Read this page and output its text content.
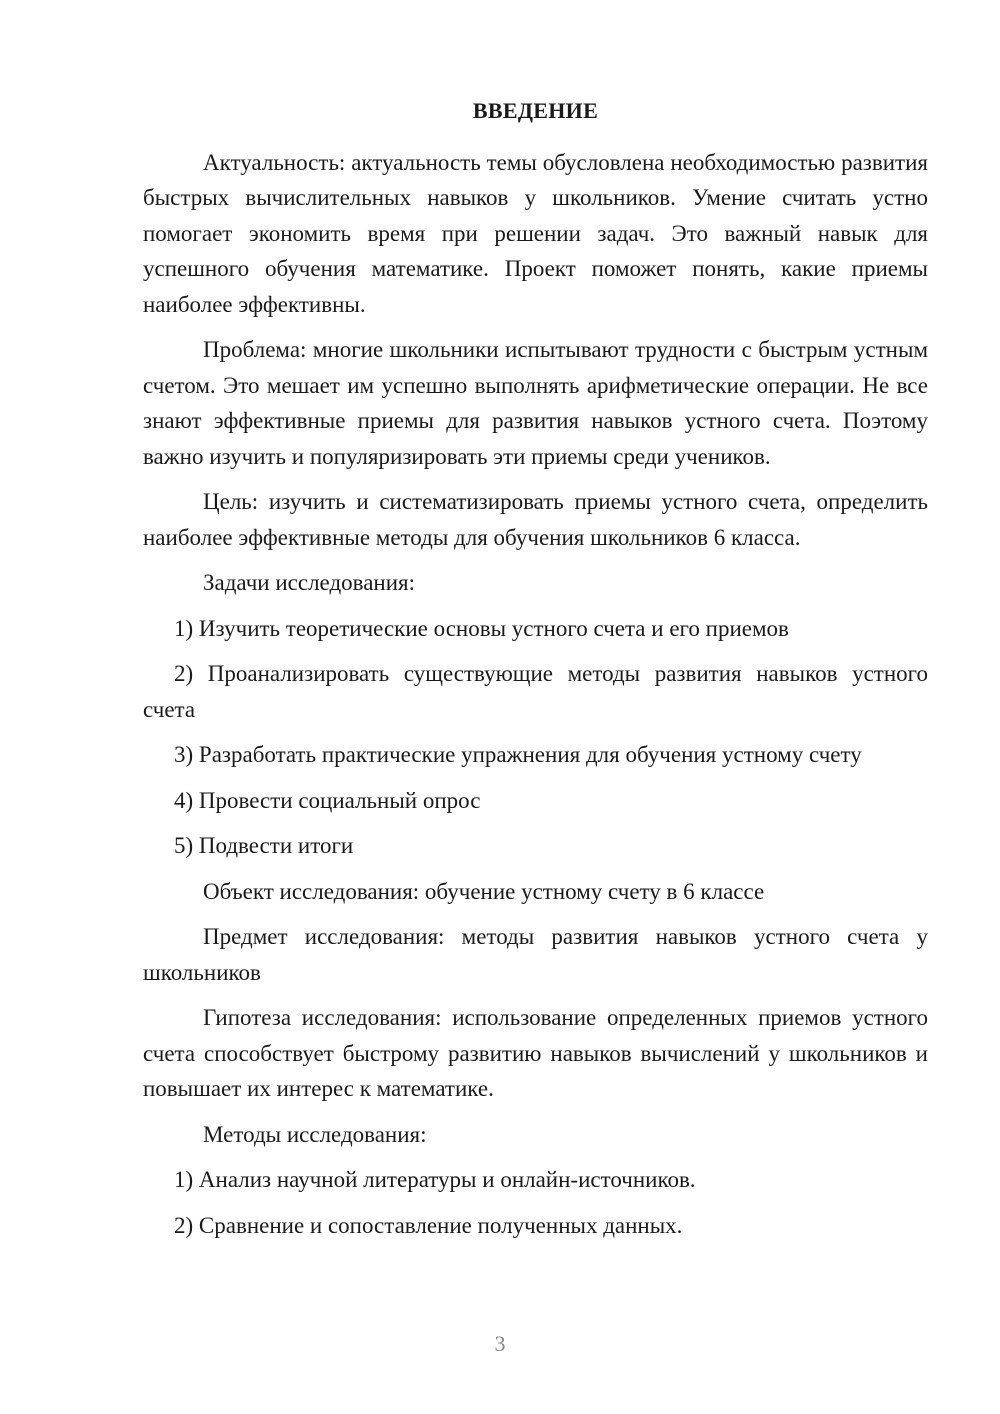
ВВЕДЕНИЕ

Актуальность: актуальность темы обусловлена необходимостью развития быстрых вычислительных навыков у школьников. Умение считать устно помогает экономить время при решении задач. Это важный навык для успешного обучения математике. Проект поможет понять, какие приемы наиболее эффективны.

Проблема: многие школьники испытывают трудности с быстрым устным счетом. Это мешает им успешно выполнять арифметические операции. Не все знают эффективные приемы для развития навыков устного счета. Поэтому важно изучить и популяризировать эти приемы среди учеников.

Цель: изучить и систематизировать приемы устного счета, определить наиболее эффективные методы для обучения школьников 6 класса.

Задачи исследования:

1) Изучить теоретические основы устного счета и его приемов

2) Проанализировать существующие методы развития навыков устного счета

3) Разработать практические упражнения для обучения устному счету

4) Провести социальный опрос

5) Подвести итоги

Объект исследования: обучение устному счету в 6 классе

Предмет исследования: методы развития навыков устного счета у школьников

Гипотеза исследования: использование определенных приемов устного счета способствует быстрому развитию навыков вычислений у школьников и повышает их интерес к математике.

Методы исследования:

1) Анализ научной литературы и онлайн-источников.

2) Сравнение и сопоставление полученных данных.

3
